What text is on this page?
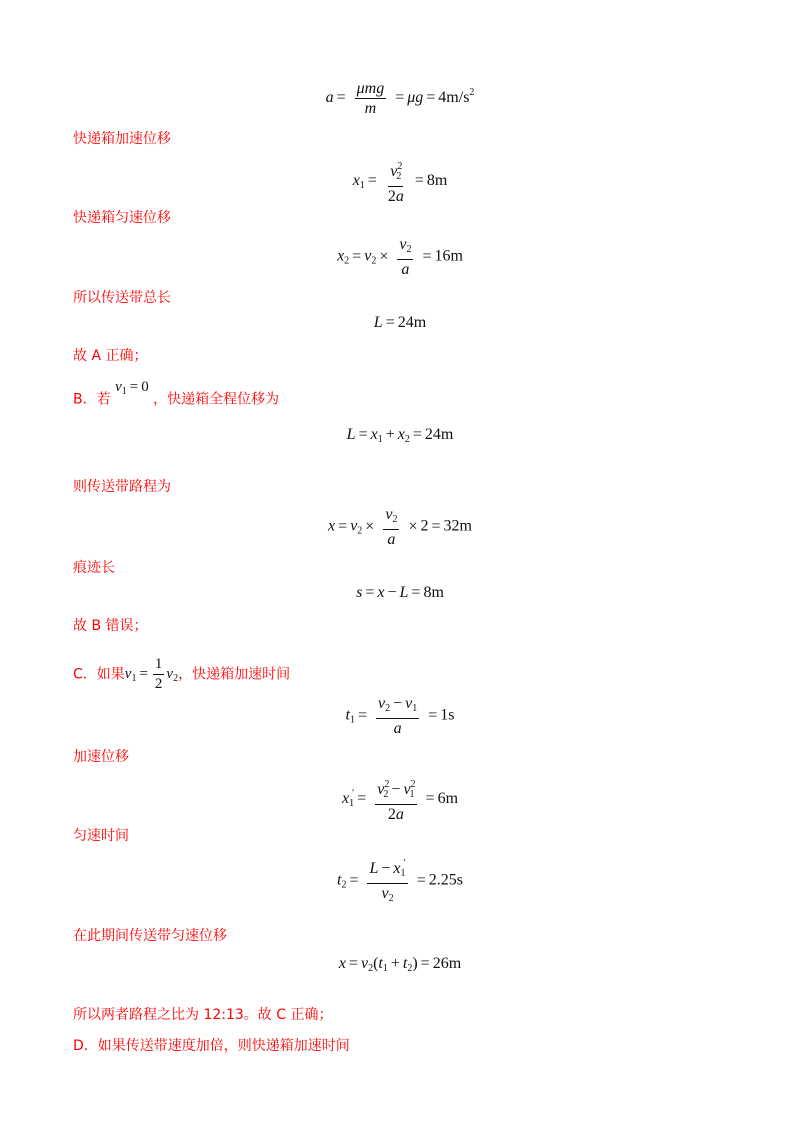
$a = \frac{\text{μmg}}{m} = \mu g = 4m/s^2$
快递箱加速位移
$x_1 = \frac{v^2_2}{2a} = 8m$
快递箱匀速位移
$x_2 = v_2 \times \frac{v_2}{a} = 16m$
所以传送带总长
L = 24m
故 A 正确；
B．若 $v_1 = 0$ ，快递箱全程位移为
$L = x_1 + x_2 = 24m$
则传送带路程为
$x = v_2 \times \frac{v_2}{a} \times 2 = 32m$
痕迹长
s = x − L = 8m
故 B 错误；
C．如果$v_1 = \frac{1}{2} v_2$，快递箱加速时间
$t_1 = \frac{v_2 - v_1}{a} = 1s$
加速位移
$x_1' = \frac{v^2_2 - v^2_1}{2a} = 6m$
匀速时间
$t_2 = \frac{L - x_1'}{v_2} = 2.25s$
在此期间传送带匀速位移
$x = v_2(t_1 + t_2) = 26m$
所以两者路程之比为 12:13。故 C 正确；
D．如果传送带速度加倍，则快递箱加速时间
